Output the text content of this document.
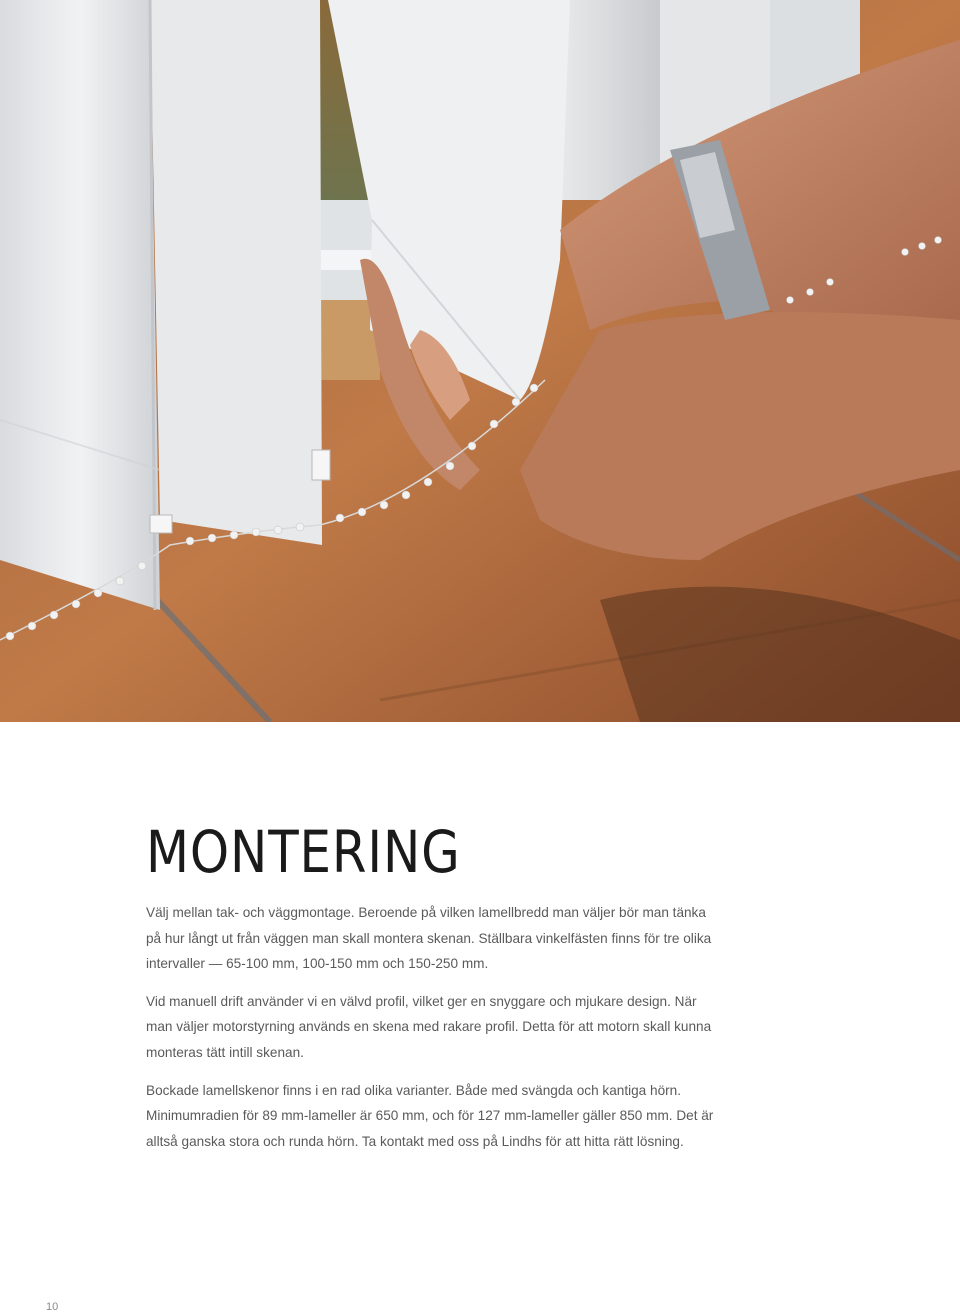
MONTERING

Välj mellan tak- och väggmontage. Beroende på vilken lamellbredd man väljer bör man tänka på hur långt ut från väggen man skall montera skenan. Ställbara vinkelfästen finns för tre olika intervaller — 65-100 mm, 100-150 mm och 150-250 mm.

Vid manuell drift använder vi en välvd profil, vilket ger en snyggare och mjukare design. När man väljer motorstyrning används en skena med rakare profil. Detta för att motorn skall kunna monteras tätt intill skenan.

Bockade lamellskenor finns i en rad olika varianter. Både med svängda och kantiga hörn. Minimumradien för 89 mm-lameller är 650 mm, och för 127 mm-lameller gäller 850 mm. Det är alltså ganska stora och runda hörn. Ta kontakt med oss på Lindhs för att hitta rätt lösning.

10
